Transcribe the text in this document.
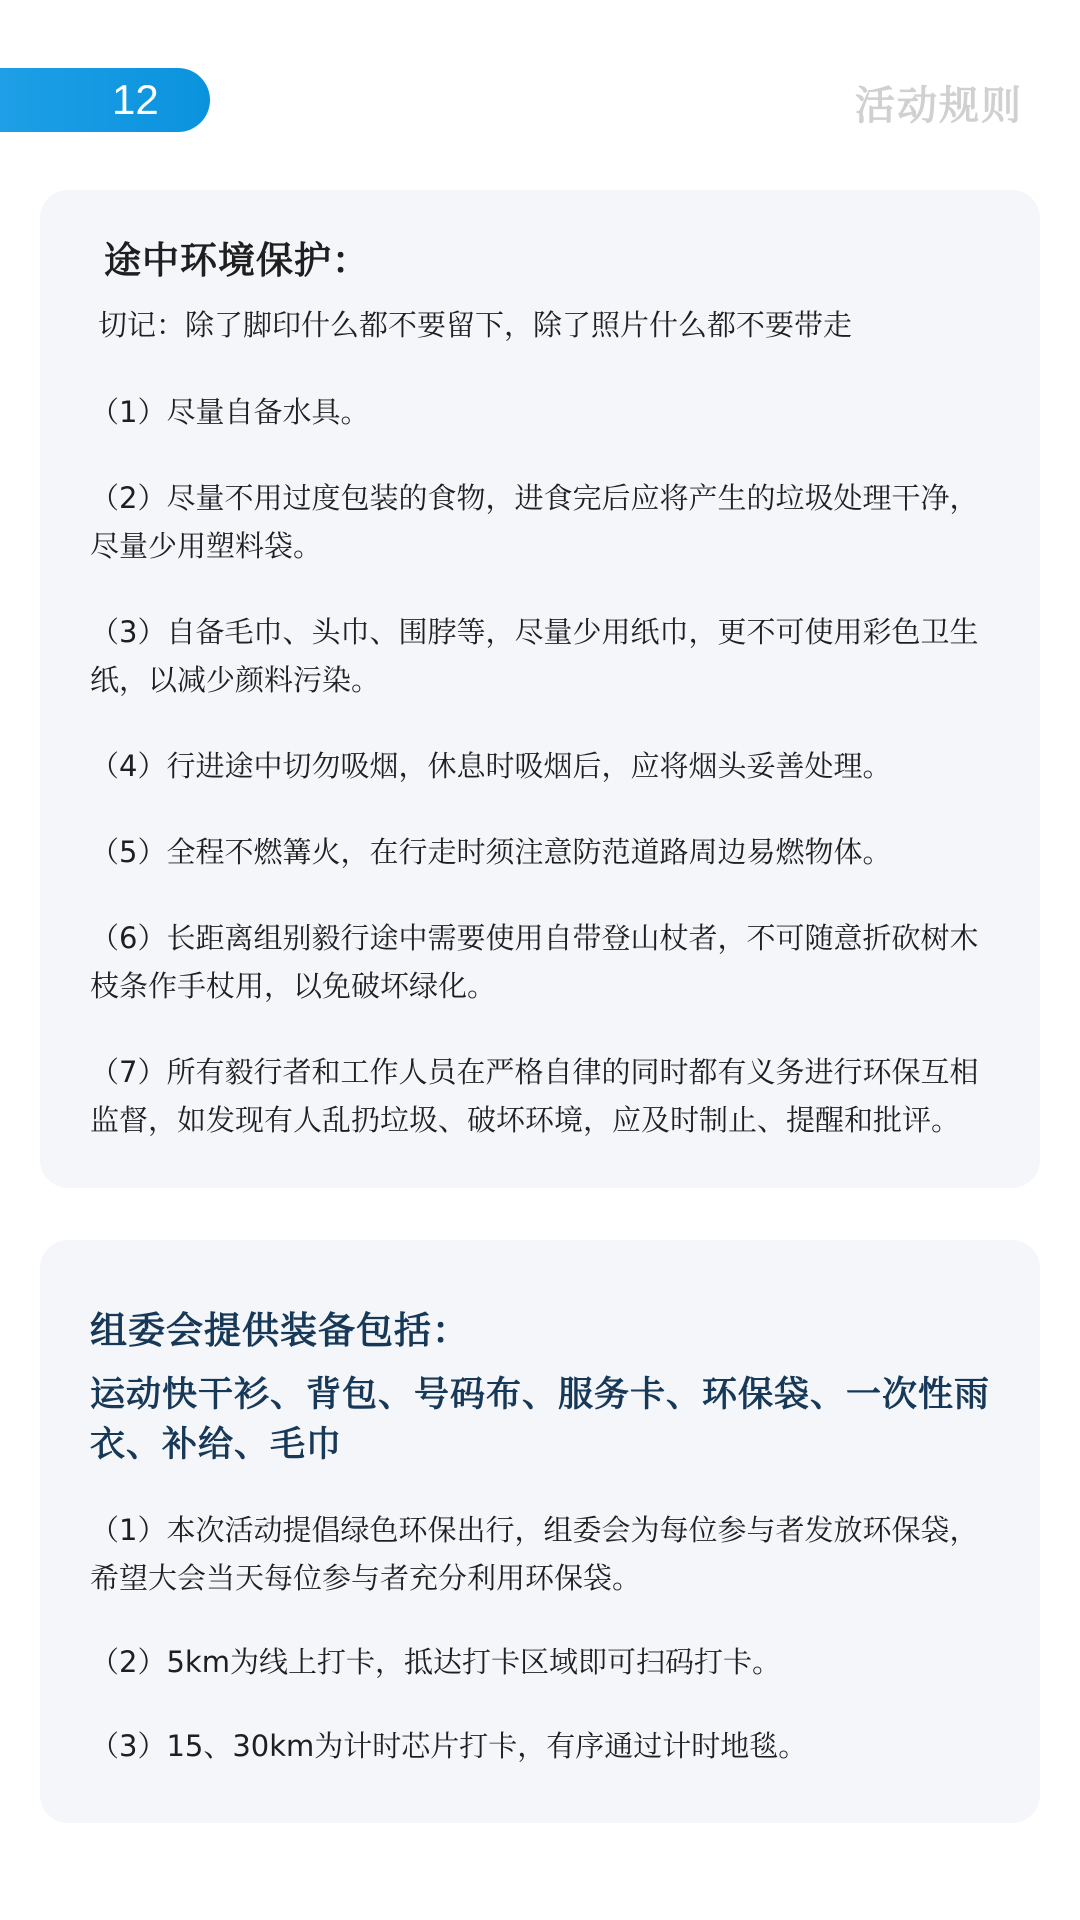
12	活动规则
途中环境保护：
切记：除了脚印什么都不要留下，除了照片什么都不要带走
（1）尽量自备水具。
（2）尽量不用过度包装的食物，进食完后应将产生的垃圾处理干净，尽量少用塑料袋。
（3）自备毛巾、头巾、围脖等，尽量少用纸巾，更不可使用彩色卫生纸，以减少颜料污染。
（4）行进途中切勿吸烟，休息时吸烟后，应将烟头妥善处理。
（5）全程不燃篝火，在行走时须注意防范道路周边易燃物体。
（6）长距离组别毅行途中需要使用自带登山杖者，不可随意折砍树木枝条作手杖用，以免破坏绿化。
（7）所有毅行者和工作人员在严格自律的同时都有义务进行环保互相监督，如发现有人乱扔垃圾、破坏环境，应及时制止、提醒和批评。
组委会提供装备包括：
运动快干衫、背包、号码布、服务卡、环保袋、一次性雨衣、补给、毛巾
（1）本次活动提倡绿色环保出行，组委会为每位参与者发放环保袋，希望大会当天每位参与者充分利用环保袋。
（2）5km为线上打卡，抵达打卡区域即可扫码打卡。
（3）15、30km为计时芯片打卡，有序通过计时地毯。
